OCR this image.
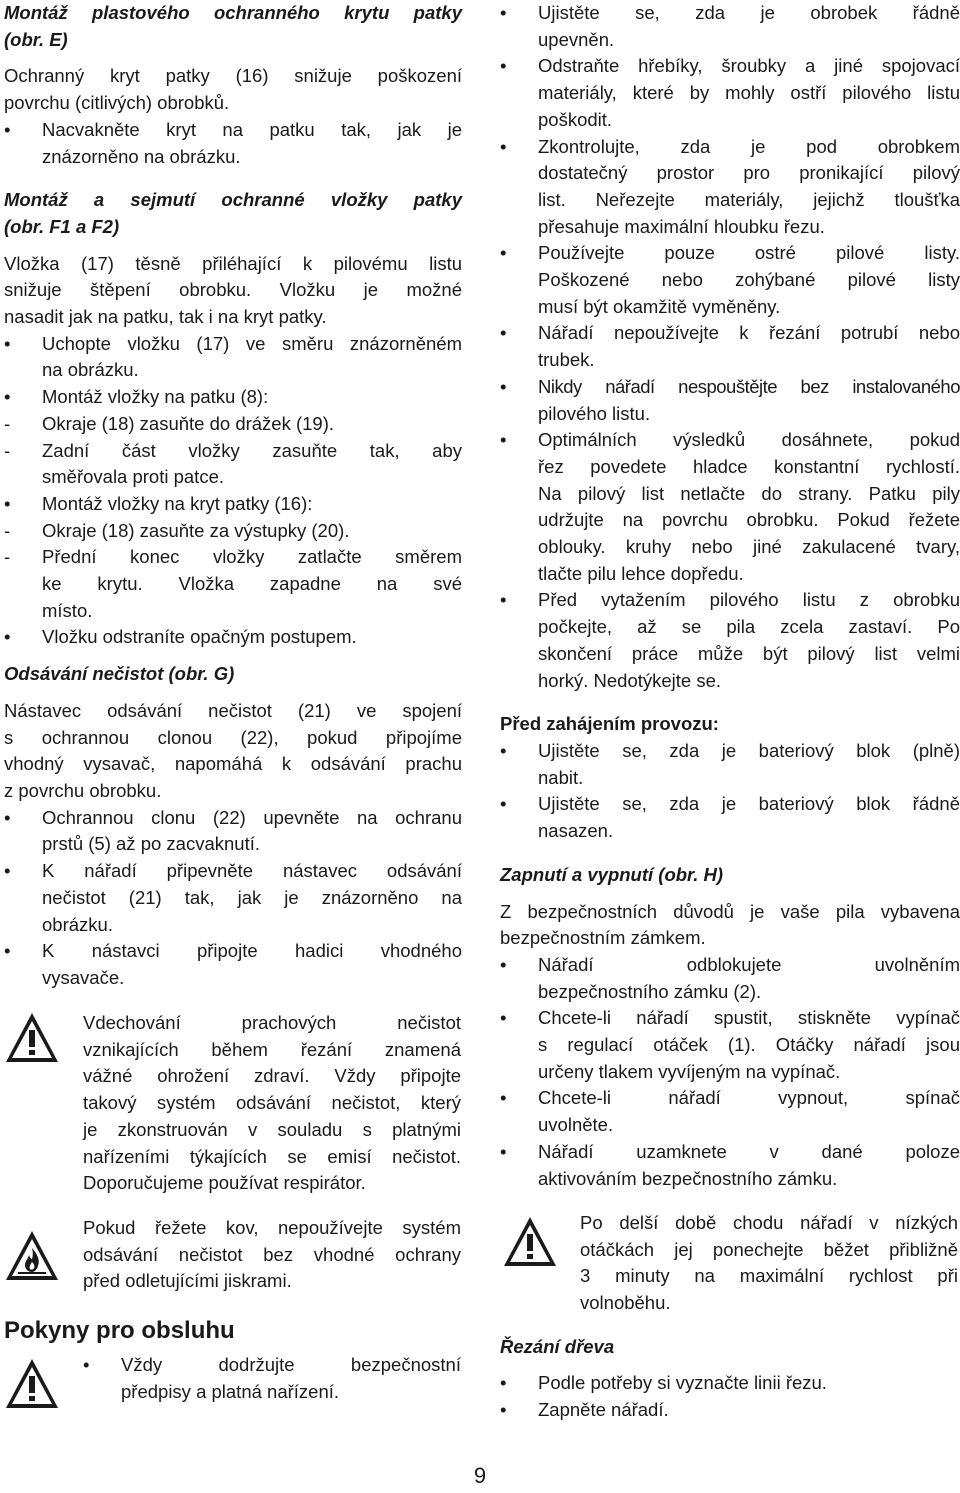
Montáž plastového ochranného krytu patky
(obr. E)
Ochranný kryt patky (16) snižuje poškození
povrchu (citlivých) obrobků.
• Nacvakněte kryt na patku tak, jak je
znázorněno na obrázku.
Montáž a sejmutí ochranné vložky patky
(obr. F1 a F2)
Vložka (17) těsně přiléhající k pilovému listu
snižuje štěpení obrobku. Vložku je možné
nasadit jak na patku, tak i na kryt patky.
• Uchopte vložku (17) ve směru znázorněném
na obrázku.
• Montáž vložky na patku (8):
- Okraje (18) zasuňte do drážek (19).
- Zadní část vložky zasuňte tak, aby
směřovala proti patce.
• Montáž vložky na kryt patky (16):
- Okraje (18) zasuňte za výstupky (20).
- Přední konec vložky zatlačte směrem
ke krytu. Vložka zapadne na své
místo.
• Vložku odstraníte opačným postupem.
Odsávání nečistot (obr. G)
Nástavec odsávání nečistot (21) ve spojení
s ochrannou clonou (22), pokud připojíme
vhodný vysavač, napomáhá k odsávání prachu
z povrchu obrobku.
• Ochrannou clonu (22) upevněte na ochranu
prstů (5) až po zacvaknutí.
• K nářadí připevněte nástavec odsávání
nečistot (21) tak, jak je znázorněno na
obrázku.
• K nástavci připojte hadici vhodného
vysavače.
Vdechování prachových nečistot
vznikajících během řezání znamená
vážné ohrožení zdraví. Vždy připojte
takový systém odsávání nečistot, který
je zkonstruován v souladu s platnými
nařízeními týkajících se emisí nečistot.
Doporučujeme používat respirátor.
Pokud řežete kov, nepoužívejte systém
odsávání nečistot bez vhodné ochrany
před odletujícími jiskrami.
Pokyny pro obsluhu
• Vždy dodržujte bezpečnostní
předpisy a platná nařízení.
• Ujistěte se, zda je obrobek řádně
upevněn.
• Odstraňte hřebíky, šroubky a jiné spojovací
materiály, které by mohly ostří pilového listu
poškodit.
• Zkontrolujte, zda je pod obrobkem
dostatečný prostor pro pronikající pilový
list. Neřezejte materiály, jejichž tloušťka
přesahuje maximální hloubku řezu.
• Používejte pouze ostré pilové listy.
Poškozené nebo zohýbané pilové listy
musí být okamžitě vyměněny.
• Nářadí nepoužívejte k řezání potrubí nebo
trubek.
• Nikdy nářadí nespouštějte bez instalovaného
pilového listu.
• Optimálních výsledků dosáhnete, pokud
řez povedete hladce konstantní rychlostí.
Na pilový list netlačte do strany. Patku pily
udržujte na povrchu obrobku. Pokud řežete
oblouky. kruhy nebo jiné zakulacené tvary,
tlačte pilu lehce dopředu.
• Před vytažením pilového listu z obrobku
počkejte, až se pila zcela zastaví. Po
skončení práce může být pilový list velmi
horký. Nedotýkejte se.
Před zahájením provozu:
• Ujistěte se, zda je bateriový blok (plně)
nabit.
• Ujistěte se, zda je bateriový blok řádně
nasazen.
Zapnutí a vypnutí (obr. H)
Z bezpečnostních důvodů je vaše pila vybavena
bezpečnostním zámkem.
• Nářadí odblokujete uvolněním
bezpečnostního zámku (2).
• Chcete-li nářadí spustit, stiskněte vypínač
s regulací otáček (1). Otáčky nářadí jsou
určeny tlakem vyvíjeným na vypínač.
• Chcete-li nářadí vypnout, spínač
uvolněte.
• Nářadí uzamknete v dané poloze
aktivováním bezpečnostního zámku.
Po delší době chodu nářadí v nízkých
otáčkách jej ponechejte běžet přibližně
3 minuty na maximální rychlost při
volnoběhu.
Řezání dřeva
• Podle potřeby si vyznačte linii řezu.
• Zapněte nářadí.
9
